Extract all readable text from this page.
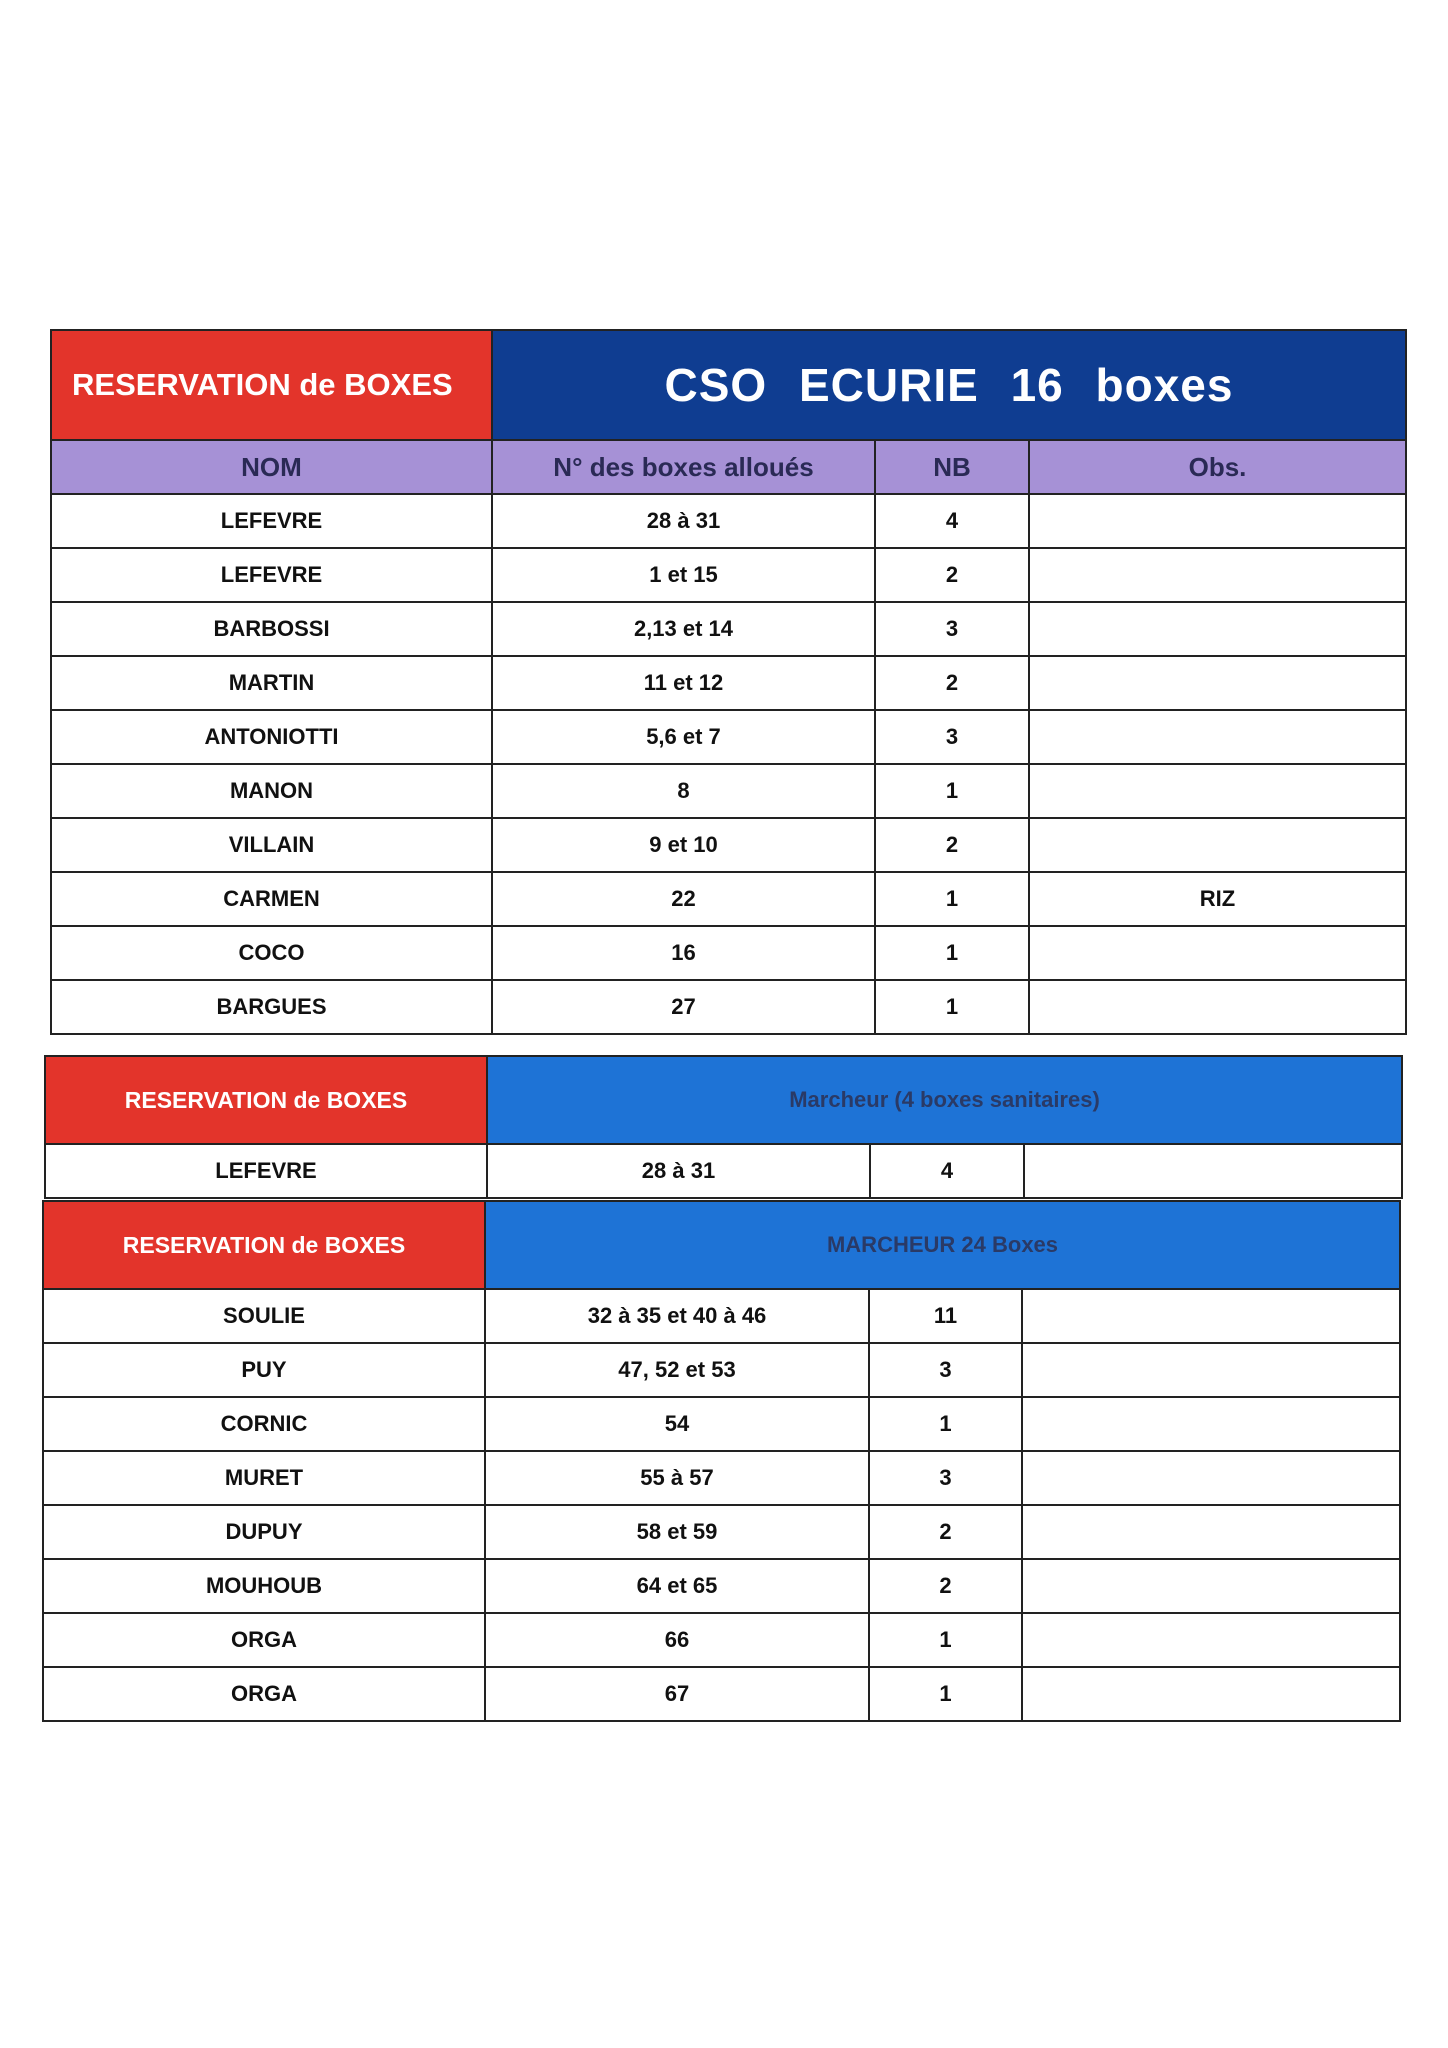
RESERVATION de BOXES	CSO ECURIE 16 boxes		
NOM	N° des boxes alloués	NB	Obs.
LEFEVRE	28 à 31	4	
LEFEVRE	1 et 15	2	
BARBOSSI	2,13 et 14	3	
MARTIN	11 et 12	2	
ANTONIOTTI	5,6 et 7	3	
MANON	8	1	
VILLAIN	9 et 10	2	
CARMEN	22	1	RIZ
COCO	16	1	
BARGUES	27	1	
RESERVATION de BOXES	Marcheur (4 boxes sanitaires)		
LEFEVRE	28 à 31	4	
RESERVATION de BOXES	MARCHEUR 24 Boxes		
SOULIE	32 à 35 et 40 à 46	11	
PUY	47, 52 et 53	3	
CORNIC	54	1	
MURET	55 à 57	3	
DUPUY	58 et 59	2	
MOUHOUB	64 et 65	2	
ORGA	66	1	
ORGA	67	1	
